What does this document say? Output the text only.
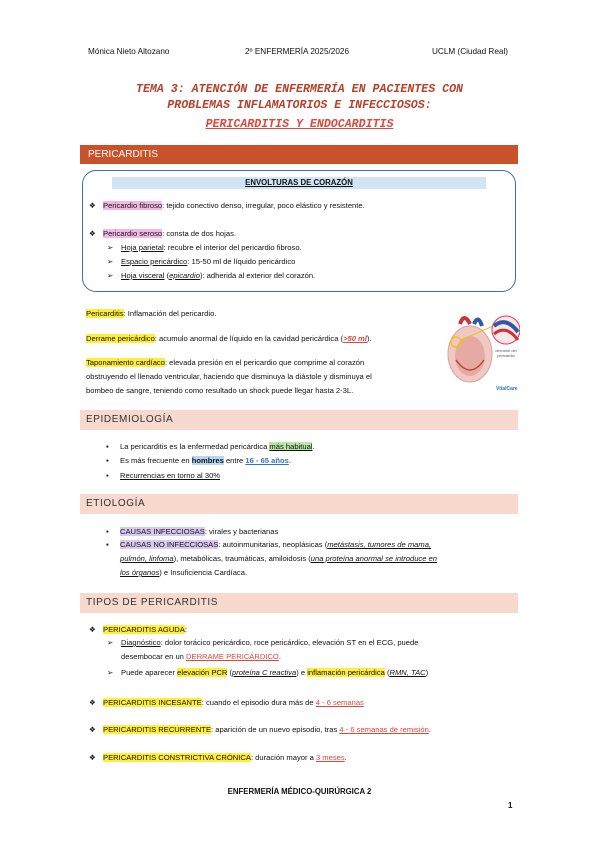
Mónica Nieto Altozano	2º ENFERMERÍA 2025/2026	UCLM (Ciudad Real)
TEMA 3: ATENCIÓN DE ENFERMERÍA EN PACIENTES CON
PROBLEMAS INFLAMATORIOS E INFECCIOSOS:
PERICARDITIS Y ENDOCARDITIS
PERICARDITIS
ENVOLTURAS DE CORAZÓN
❖ Pericardio fibroso: tejido conectivo denso, irregular, poco elástico y resistente.
❖ Pericardio seroso: consta de dos hojas.
➢ Hoja parietal: recubre el interior del pericardio fibroso.
➢ Espacio pericárdico: 15-50 ml de líquido pericárdico
➢ Hoja visceral (epicardio): adherida al exterior del corazón.
Pericarditis: Inflamación del pericardio.
Derrame pericárdico: acumulo anormal de líquido en la cavidad pericárdica (>50 ml).
Taponamiento cardíaco: elevada presión en el pericardio que comprime al corazón
obstruyendo el llenado ventricular, haciendo que disminuya la diástole y disminuya el
bombeo de sangre, teniendo como resultado un shock puede llegar hasta 2-3L.
derrame del pericardio
VitalCare
EPIDEMIOLOGÍA
▪ La pericarditis es la enfermedad pericárdica más habitual.
▪ Es más frecuente en hombres entre 16 - 65 años.
▪ Recurrencias en torno al 30%
ETIOLOGÍA
▪ CAUSAS INFECCIOSAS: virales y bacterianas
▪ CAUSAS NO INFECCIOSAS: autoinmunitarias, neoplásicas (metástasis, tumores de mama,
pulmón, linfoma), metabólicas, traumáticas, amiloidosis (una proteína anormal se introduce en
los órganos) e Insuficiencia Cardíaca.
TIPOS DE PERICARDITIS
❖ PERICARDITIS AGUDA:
➢ Diagnóstico: dolor torácico pericárdico, roce pericárdico, elevación ST en el ECG, puede
desembocar en un DERRAME PERICÁRDICO.
➢ Puede aparecer elevación PCR (proteína C reactiva) e inflamación pericárdica (RMN, TAC)
❖ PERICARDITIS INCESANTE: cuando el episodio dura más de 4 - 6 semanas
❖ PERICARDITIS RECURRENTE: aparición de un nuevo episodio, tras 4 - 6 semanas de remisión.
❖ PERICARDITIS CONSTRICTIVA CRÓNICA: duración mayor a 3 meses.
ENFERMERÍA MÉDICO-QUIRÚRGICA 2
1
